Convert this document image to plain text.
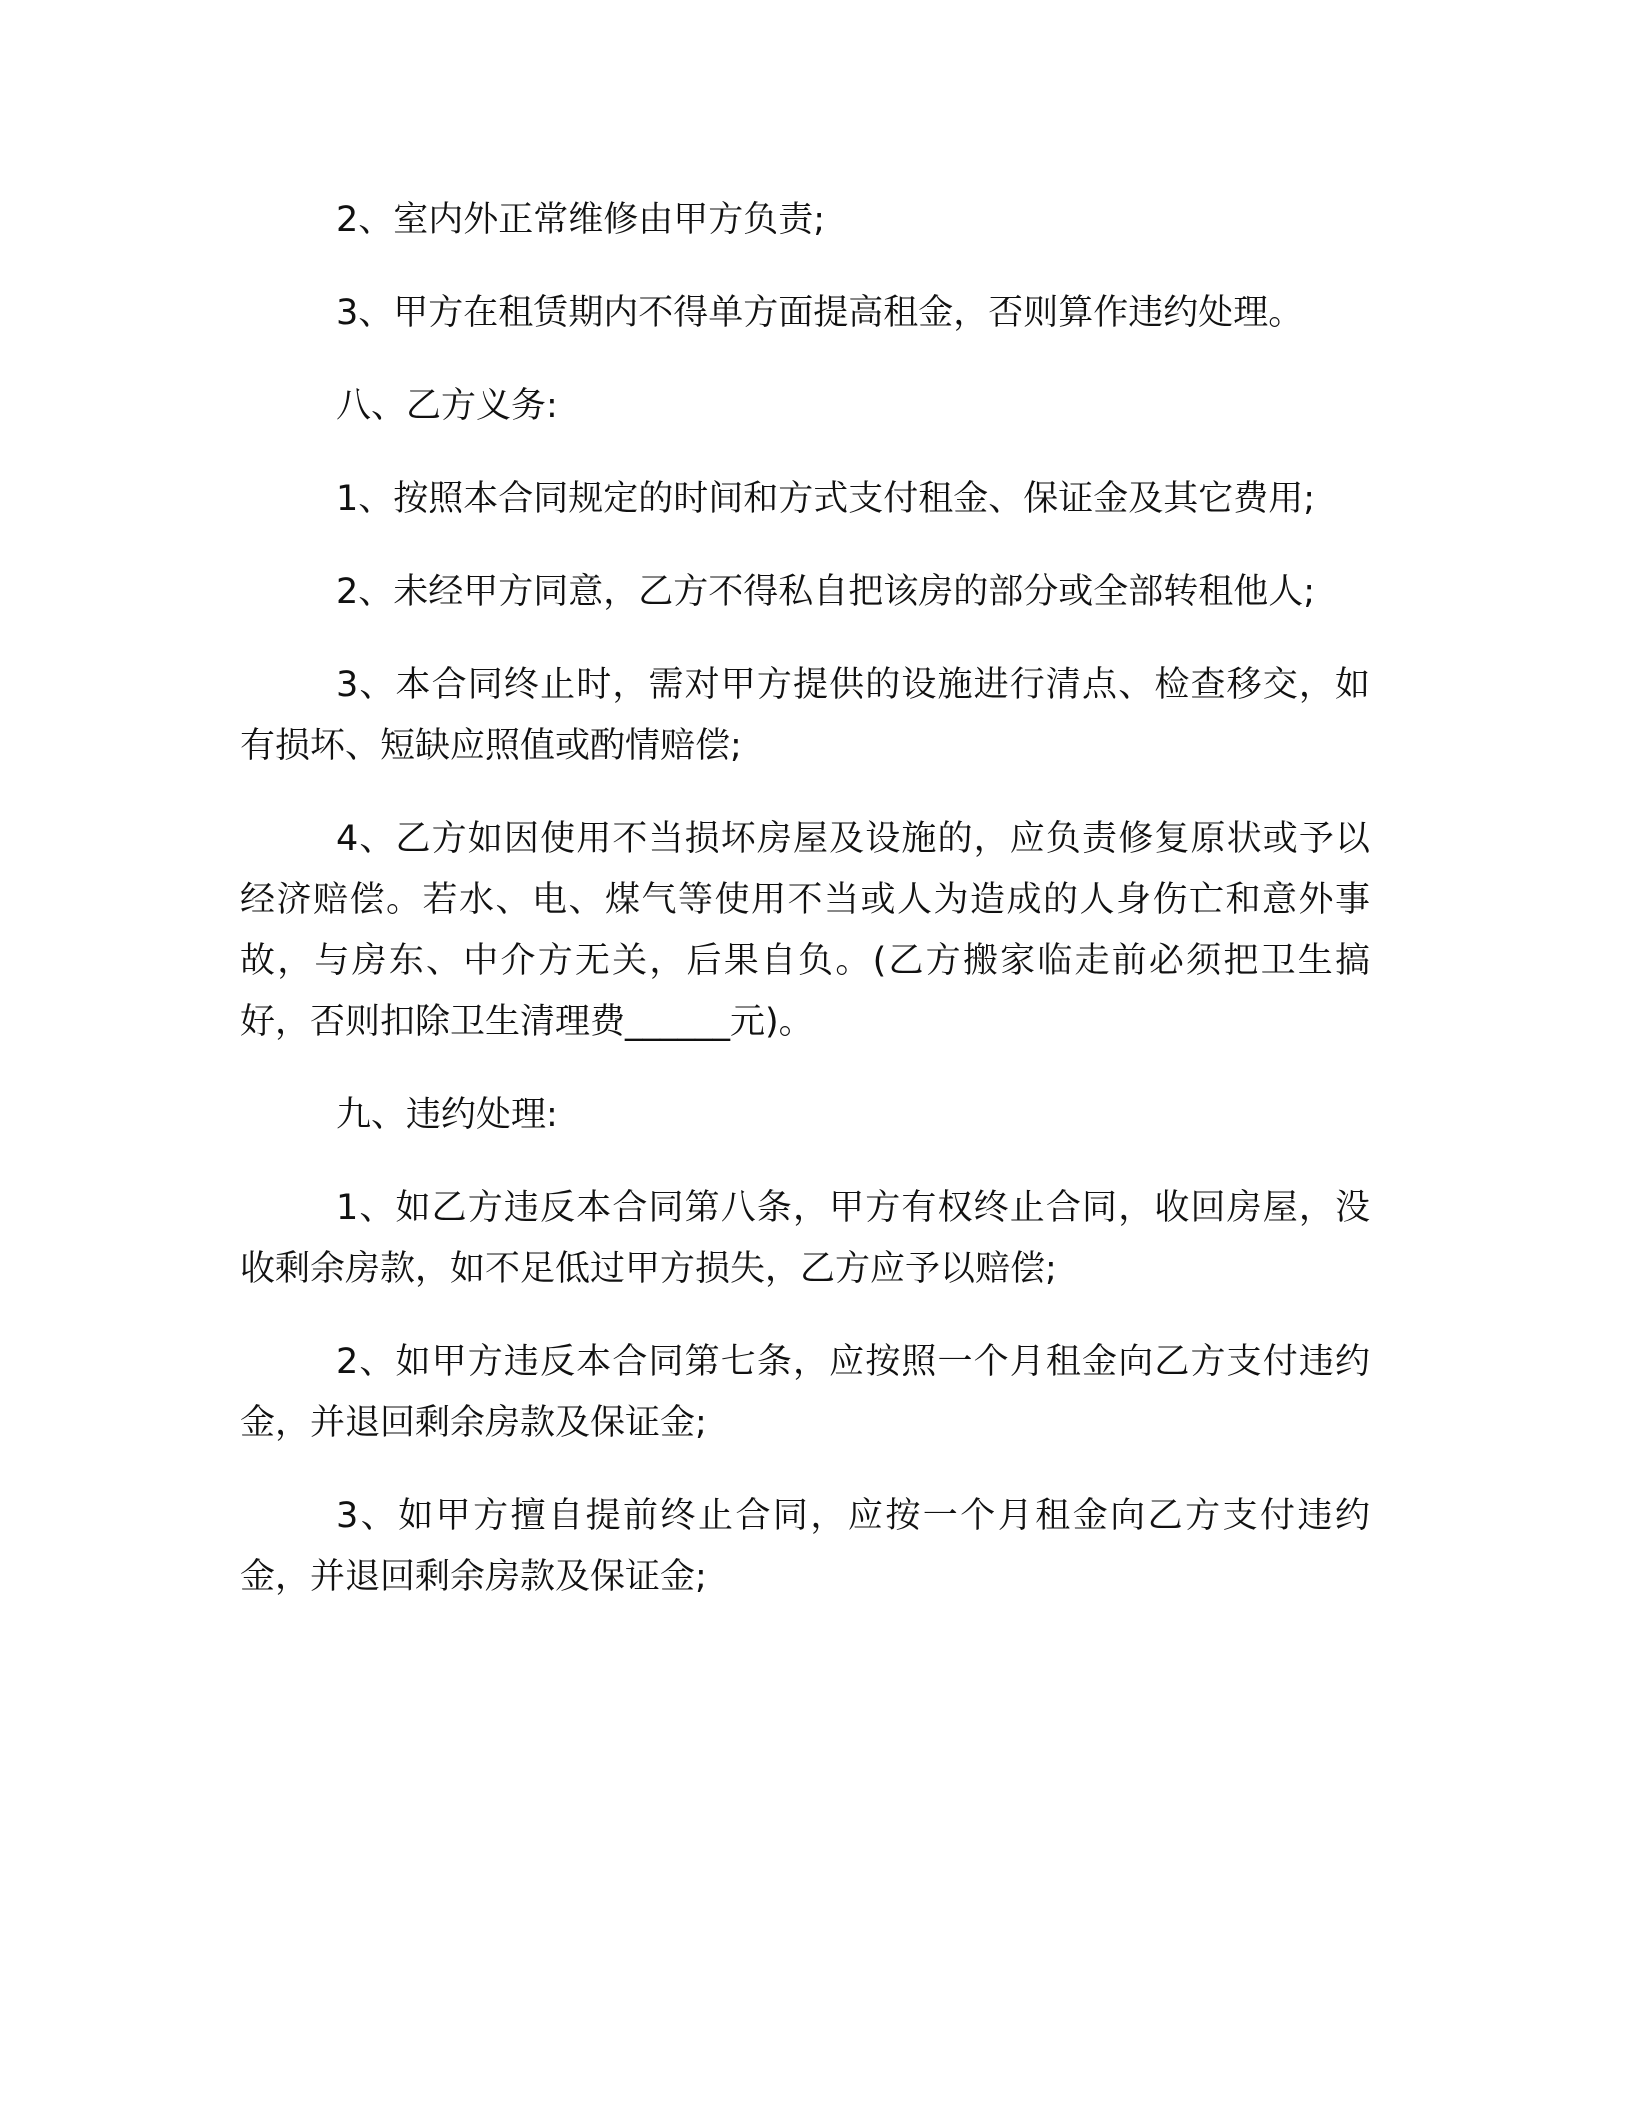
2、室内外正常维修由甲方负责;

3、甲方在租赁期内不得单方面提高租金，否则算作违约处理。

八、乙方义务:

1、按照本合同规定的时间和方式支付租金、保证金及其它费用;

2、未经甲方同意，乙方不得私自把该房的部分或全部转租他人;

3、本合同终止时，需对甲方提供的设施进行清点、检查移交，如有损坏、短缺应照值或酌情赔偿;

4、乙方如因使用不当损坏房屋及设施的，应负责修复原状或予以经济赔偿。若水、电、煤气等使用不当或人为造成的人身伤亡和意外事故，与房东、中介方无关，后果自负。(乙方搬家临走前必须把卫生搞好，否则扣除卫生清理费______元)。

九、违约处理:

1、如乙方违反本合同第八条，甲方有权终止合同，收回房屋，没收剩余房款，如不足低过甲方损失，乙方应予以赔偿;

2、如甲方违反本合同第七条，应按照一个月租金向乙方支付违约金，并退回剩余房款及保证金;

3、如甲方擅自提前终止合同，应按一个月租金向乙方支付违约金，并退回剩余房款及保证金;
